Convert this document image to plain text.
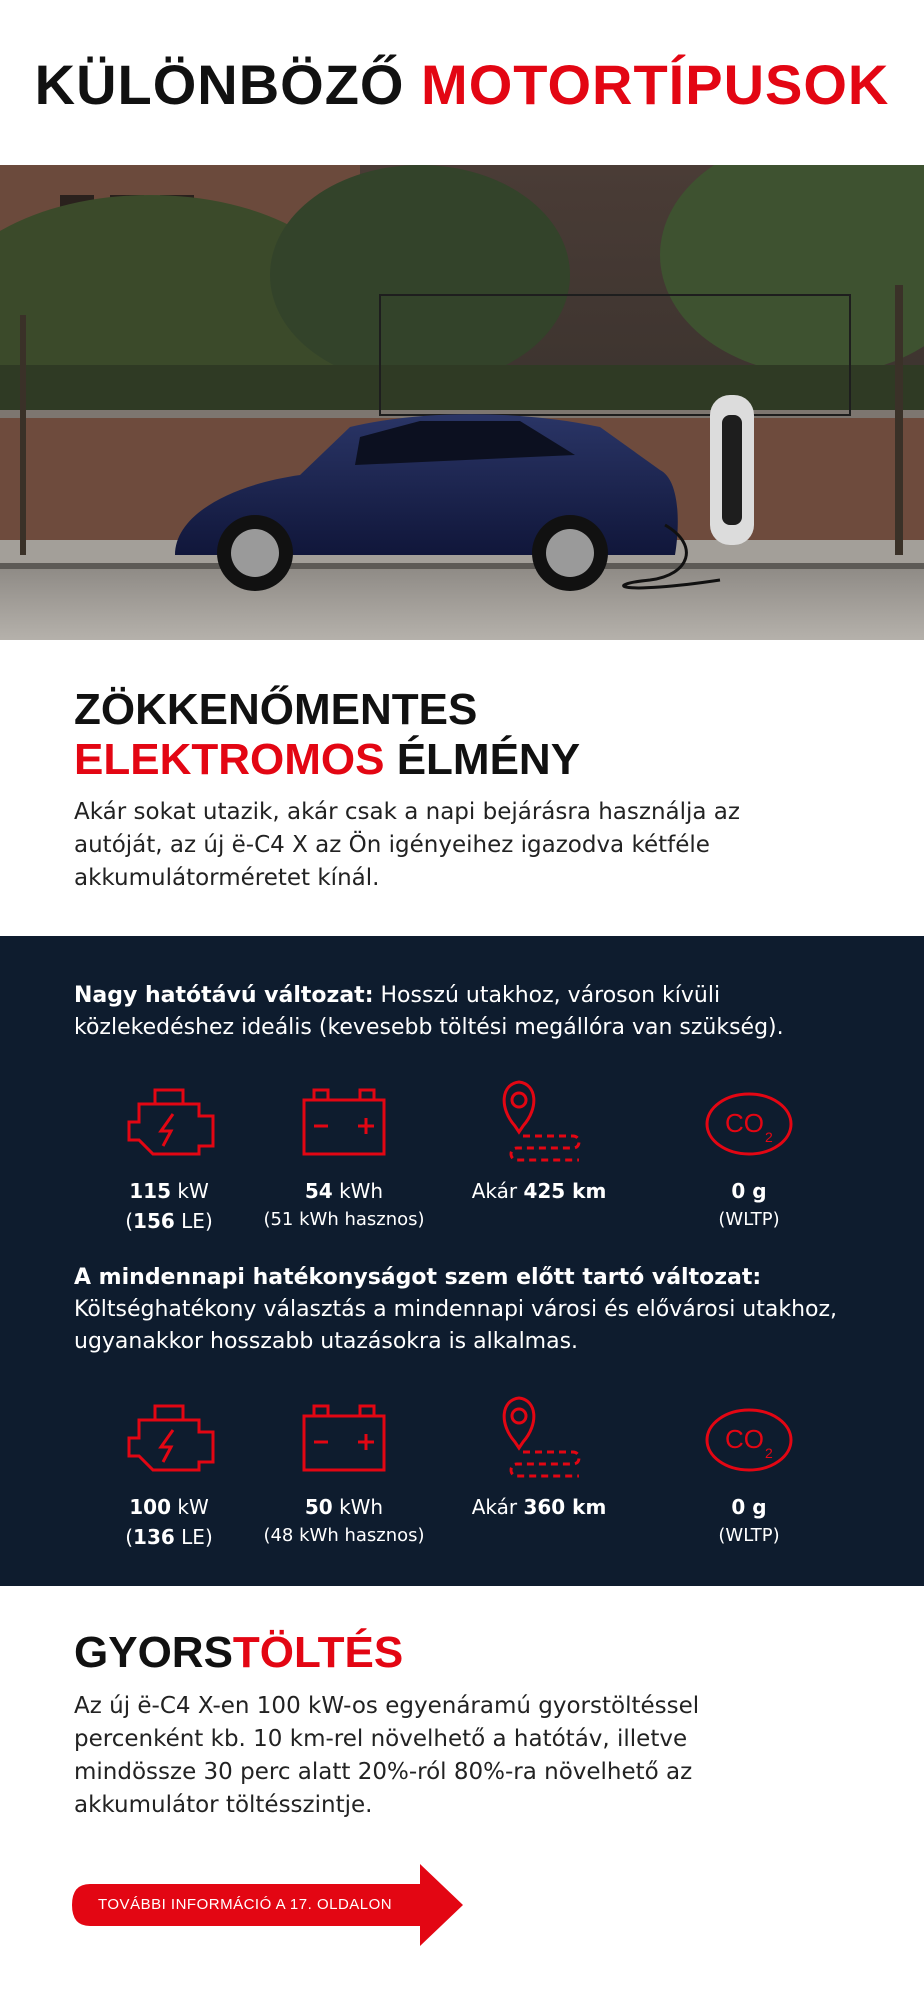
KÜLÖNBÖZŐ MOTORTÍPUSOK
ZÖKKENŐMENTES
ELEKTROMOS ÉLMÉNY

Akár sokat utazik, akár csak a napi bejárásra használja az autóját, az új ë-C4 X az Ön igényeihez igazodva kétféle akkumulátorméretet kínál.

Nagy hatótávú változat: Hosszú utakhoz, városon kívüli közlekedéshez ideális (kevesebb töltési megállóra van szükség).

115 kW
(156 LE)
54 kWh
(51 kWh hasznos)
Akár 425 km
CO 2
0 g
(WLTP)

A mindennapi hatékonyságot szem előtt tartó változat:
Költséghatékony választás a mindennapi városi és elővárosi utakhoz, ugyanakkor hosszabb utazásokra is alkalmas.

100 kW
(136 LE)
50 kWh
(48 kWh hasznos)
Akár 360 km
CO 2
0 g
(WLTP)
GYORSTÖLTÉS

Az új ë-C4 X-en 100 kW-os egyenáramú gyorstöltéssel percenként kb. 10 km-rel növelhető a hatótáv, illetve mindössze 30 perc alatt 20%-ról 80%-ra növelhető az akkumulátor töltésszintje.

TOVÁBBI INFORMÁCIÓ A 17. OLDALON
